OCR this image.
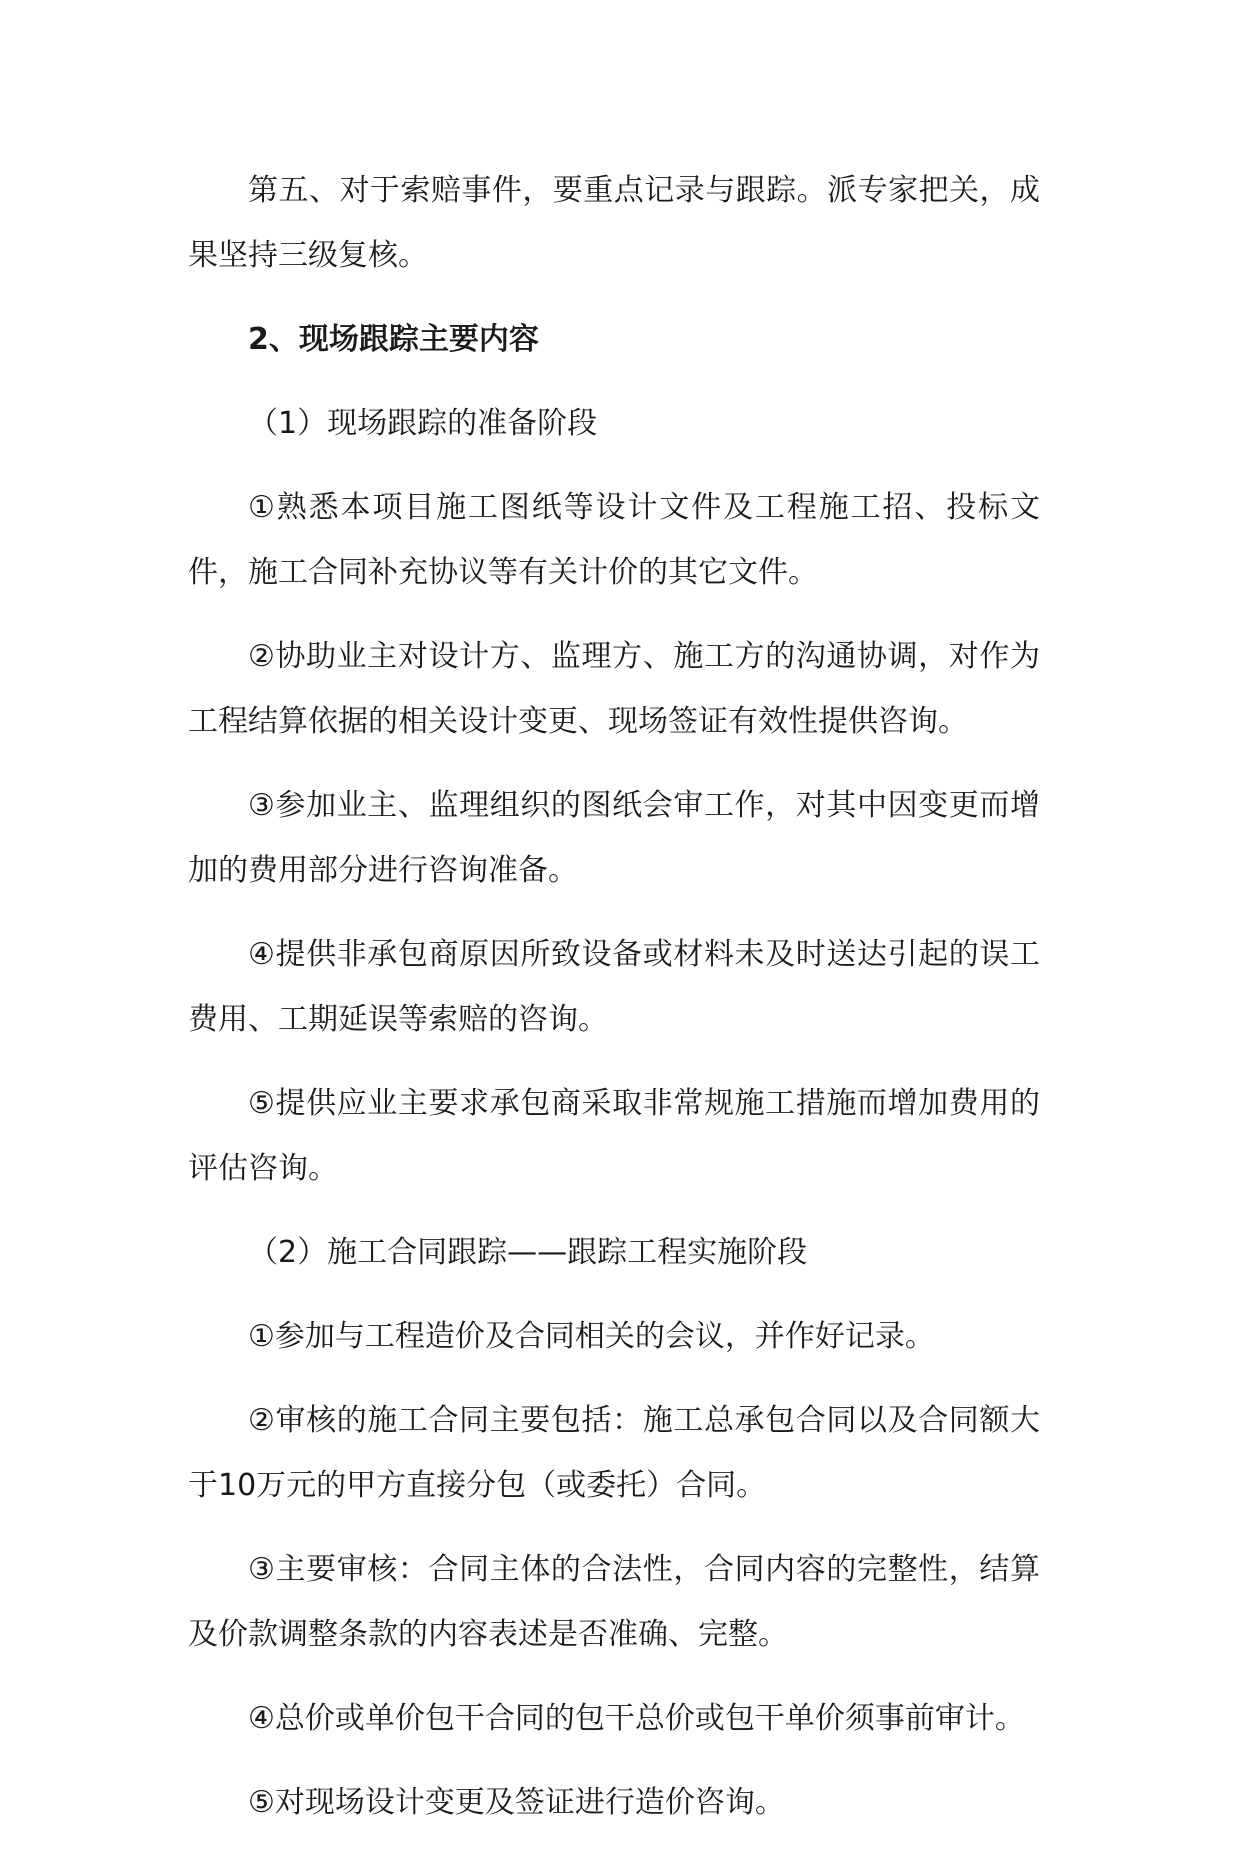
第五、对于索赔事件，要重点记录与跟踪。派专家把关，成果坚持三级复核。

2、现场跟踪主要内容

（1）现场跟踪的准备阶段

①熟悉本项目施工图纸等设计文件及工程施工招、投标文件，施工合同补充协议等有关计价的其它文件。

②协助业主对设计方、监理方、施工方的沟通协调，对作为工程结算依据的相关设计变更、现场签证有效性提供咨询。

③参加业主、监理组织的图纸会审工作，对其中因变更而增加的费用部分进行咨询准备。

④提供非承包商原因所致设备或材料未及时送达引起的误工费用、工期延误等索赔的咨询。

⑤提供应业主要求承包商采取非常规施工措施而增加费用的评估咨询。

（2）施工合同跟踪——跟踪工程实施阶段

①参加与工程造价及合同相关的会议，并作好记录。

②审核的施工合同主要包括：施工总承包合同以及合同额大于10万元的甲方直接分包（或委托）合同。

③主要审核：合同主体的合法性，合同内容的完整性，结算及价款调整条款的内容表述是否准确、完整。

④总价或单价包干合同的包干总价或包干单价须事前审计。

⑤对现场设计变更及签证进行造价咨询。
